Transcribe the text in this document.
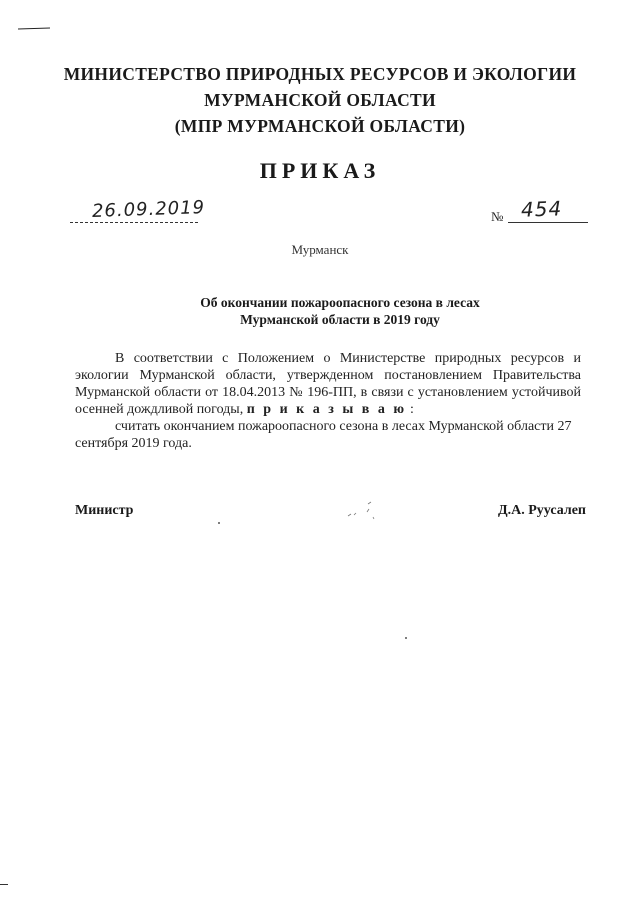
МИНИСТЕРСТВО ПРИРОДНЫХ РЕСУРСОВ И ЭКОЛОГИИ
МУРМАНСКОЙ ОБЛАСТИ
(МПР МУРМАНСКОЙ ОБЛАСТИ)
ПРИКАЗ
26.09.2019	№ 454
Мурманск
Об окончании пожароопасного сезона в лесах
Мурманской области в 2019 году
В соответствии с Положением о Министерстве природных ресурсов и экологии Мурманской области, утвержденном постановлением Правительства Мурманской области от 18.04.2013 № 196-ПП, в связи с установлением устойчивой осенней дождливой погоды, п р и к а з ы в а ю :
считать окончанием пожароопасного сезона в лесах Мурманской области 27 сентября 2019 года.
Министр	Д.А. Руусалеп
